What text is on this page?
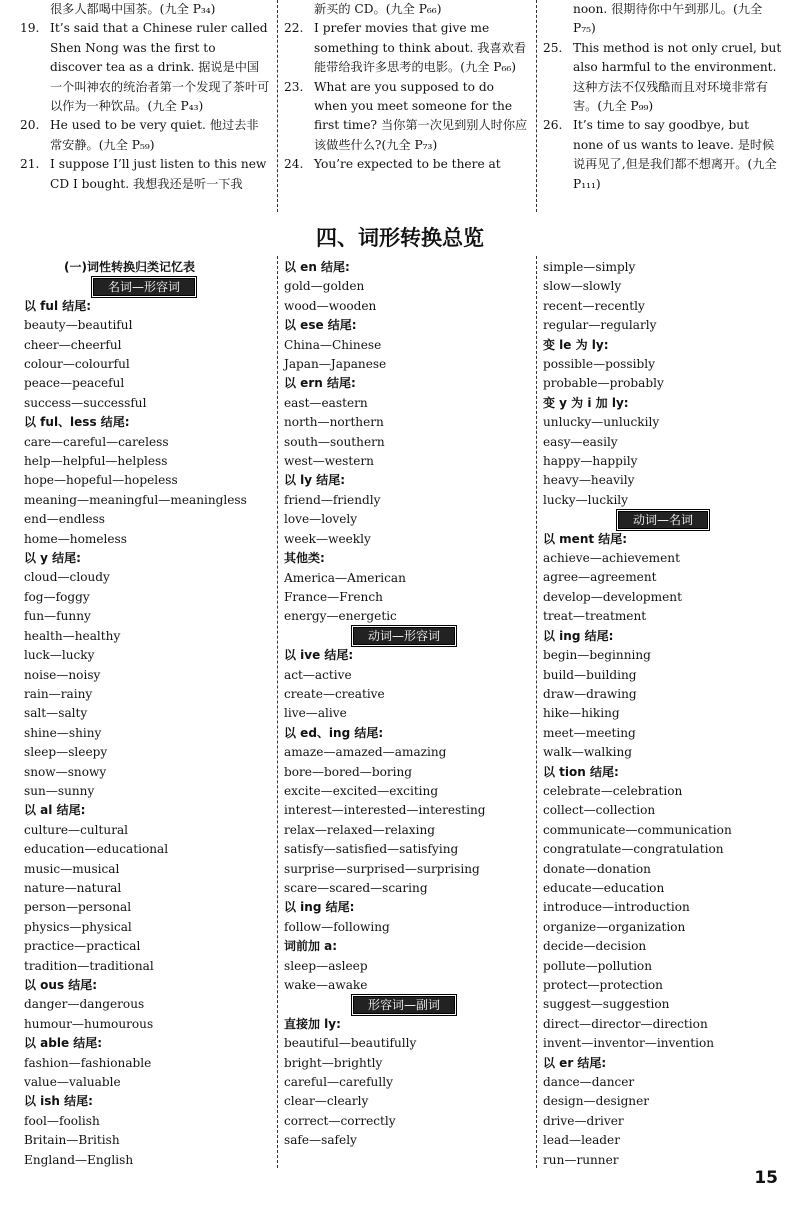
很多人都喝中国茶。(九全 P₃₄)
19. It’s said that a Chinese ruler called Shen Nong was the first to discover tea as a drink. 据说是中国一个叫神农的统治者第一个发现了茶叶可以作为一种饮品。(九全 P₄₃)
20. He used to be very quiet. 他过去非常安静。(九全 P₅₉)
21. I suppose I’ll just listen to this new CD I bought. 我想我还是听一下我
新买的 CD。(九全 P₆₆)
22. I prefer movies that give me something to think about. 我喜欢看能带给我许多思考的电影。(九全 P₆₆)
23. What are you supposed to do when you meet someone for the first time? 当你第一次见到别人时你应该做些什么?(九全 P₇₃)
24. You’re expected to be there at
noon. 很期待你中午到那儿。(九全 P₇₅)
25. This method is not only cruel, but also harmful to the environment. 这种方法不仅残酷而且对环境非常有害。(九全 P₉₉)
26. It’s time to say goodbye, but none of us wants to leave. 是时候说再见了,但是我们都不想离开。(九全 P₁₁₁)
四、词形转换总览
(一)词性转换归类记忆表
名词—形容词
以 ful 结尾:
beauty—beautiful
cheer—cheerful
colour—colourful
peace—peaceful
success—successful
以 ful、less 结尾:
care—careful—careless
help—helpful—helpless
hope—hopeful—hopeless
meaning—meaningful—meaningless
end—endless
home—homeless
以 y 结尾:
cloud—cloudy
fog—foggy
fun—funny
health—healthy
luck—lucky
noise—noisy
rain—rainy
salt—salty
shine—shiny
sleep—sleepy
snow—snowy
sun—sunny
以 al 结尾:
culture—cultural
education—educational
music—musical
nature—natural
person—personal
physics—physical
practice—practical
tradition—traditional
以 ous 结尾:
danger—dangerous
humour—humourous
以 able 结尾:
fashion—fashionable
value—valuable
以 ish 结尾:
fool—foolish
Britain—British
England—English
以 en 结尾:
gold—golden
wood—wooden
以 ese 结尾:
China—Chinese
Japan—Japanese
以 ern 结尾:
east—eastern
north—northern
south—southern
west—western
以 ly 结尾:
friend—friendly
love—lovely
week—weekly
其他类:
America—American
France—French
energy—energetic
动词—形容词
以 ive 结尾:
act—active
create—creative
live—alive
以 ed、ing 结尾:
amaze—amazed—amazing
bore—bored—boring
excite—excited—exciting
interest—interested—interesting
relax—relaxed—relaxing
satisfy—satisfied—satisfying
surprise—surprised—surprising
scare—scared—scaring
以 ing 结尾:
follow—following
词前加 a:
sleep—asleep
wake—awake
形容词—副词
直接加 ly:
beautiful—beautifully
bright—brightly
careful—carefully
clear—clearly
correct—correctly
safe—safely
simple—simply
slow—slowly
recent—recently
regular—regularly
变 le 为 ly:
possible—possibly
probable—probably
变 y 为 i 加 ly:
unlucky—unluckily
easy—easily
happy—happily
heavy—heavily
lucky—luckily
动词—名词
以 ment 结尾:
achieve—achievement
agree—agreement
develop—development
treat—treatment
以 ing 结尾:
begin—beginning
build—building
draw—drawing
hike—hiking
meet—meeting
walk—walking
以 tion 结尾:
celebrate—celebration
collect—collection
communicate—communication
congratulate—congratulation
donate—donation
educate—education
introduce—introduction
organize—organization
decide—decision
pollute—pollution
protect—protection
suggest—suggestion
direct—director—direction
invent—inventor—invention
以 er 结尾:
dance—dancer
design—designer
drive—driver
lead—leader
run—runner
15
